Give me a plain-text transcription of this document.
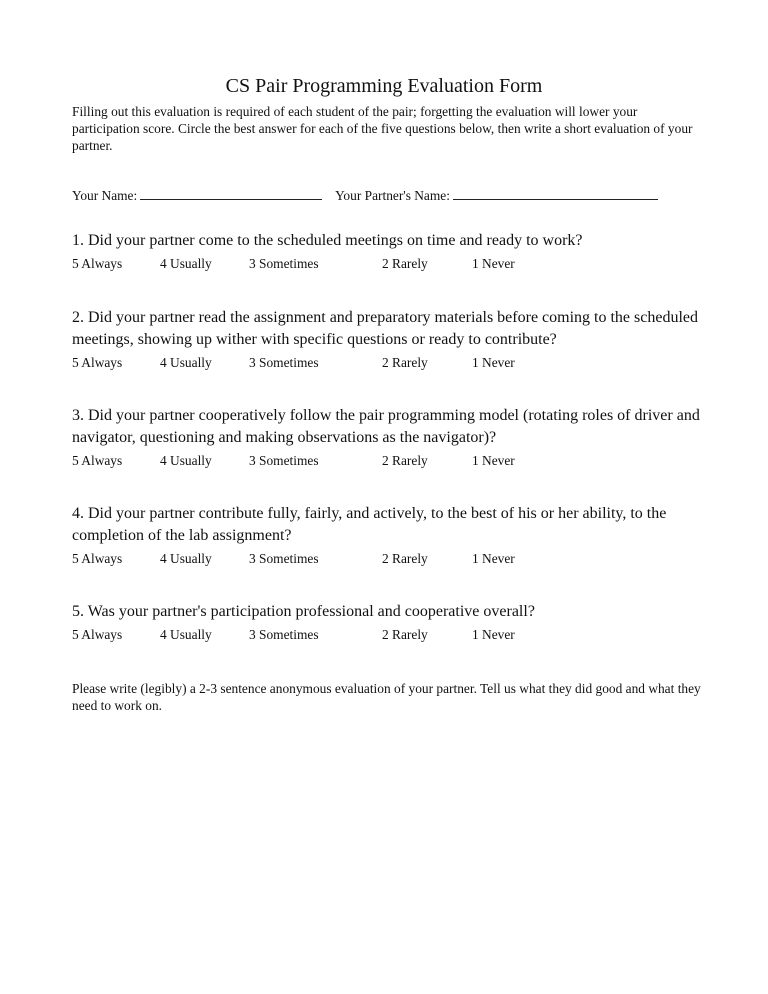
CS Pair Programming Evaluation Form
Filling out this evaluation is required of each student of the pair; forgetting the evaluation will lower your participation score. Circle the best answer for each of the five questions below, then write a short evaluation of your partner.
Your Name:	Your Partner's Name:
1. Did your partner come to the scheduled meetings on time and ready to work?
5 Always	4 Usually	3 Sometimes	2 Rarely	1 Never
2. Did your partner read the assignment and preparatory materials before coming to the scheduled meetings, showing up wither with specific questions or ready to contribute?
5 Always	4 Usually	3 Sometimes	2 Rarely	1 Never
3. Did your partner cooperatively follow the pair programming model (rotating roles of driver and navigator, questioning and making observations as the navigator)?
5 Always	4 Usually	3 Sometimes	2 Rarely	1 Never
4. Did your partner contribute fully, fairly, and actively, to the best of his or her ability, to the completion of the lab assignment?
5 Always	4 Usually	3 Sometimes	2 Rarely	1 Never
5. Was your partner's participation professional and cooperative overall?
5 Always	4 Usually	3 Sometimes	2 Rarely	1 Never
Please write (legibly) a 2-3 sentence anonymous evaluation of your partner. Tell us what they did good and what they need to work on.
